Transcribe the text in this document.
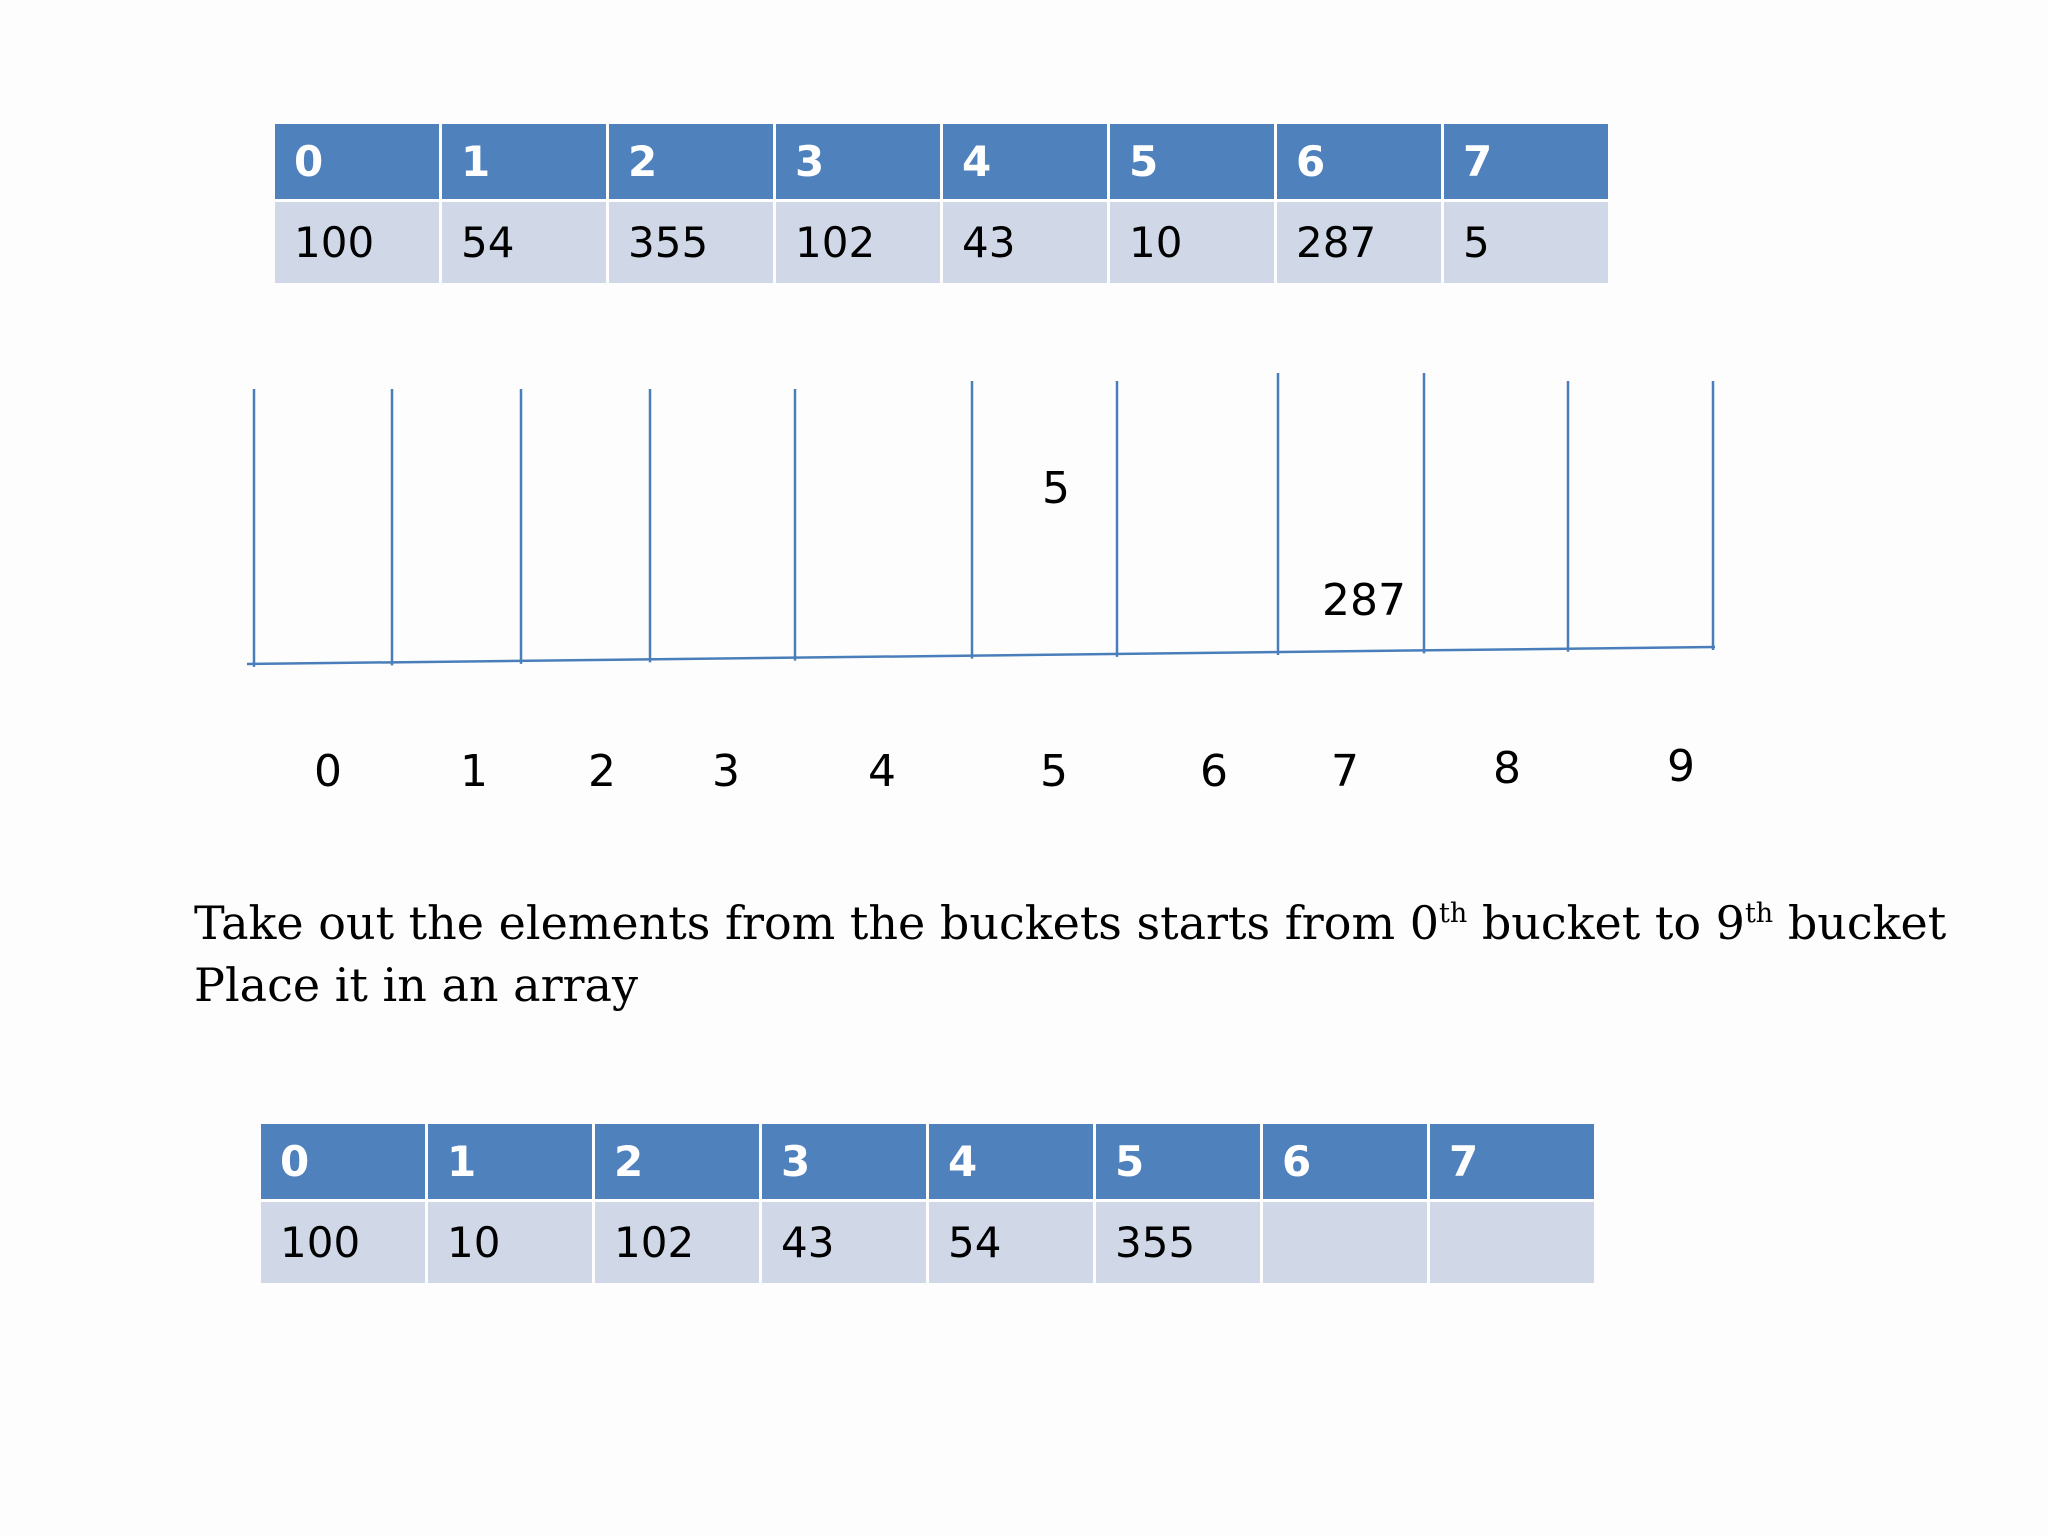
0	1	2	3	4	5	6	7
100	54	355	102	43	10	287	5
0	1 2 3	4	5	6 7	8	9
5
287
Take out the elements from the buckets starts from 0th bucket to 9th bucket
Place it in an array
0	1	2	3	4	5	6	7
100	10	102	43	54	355		
